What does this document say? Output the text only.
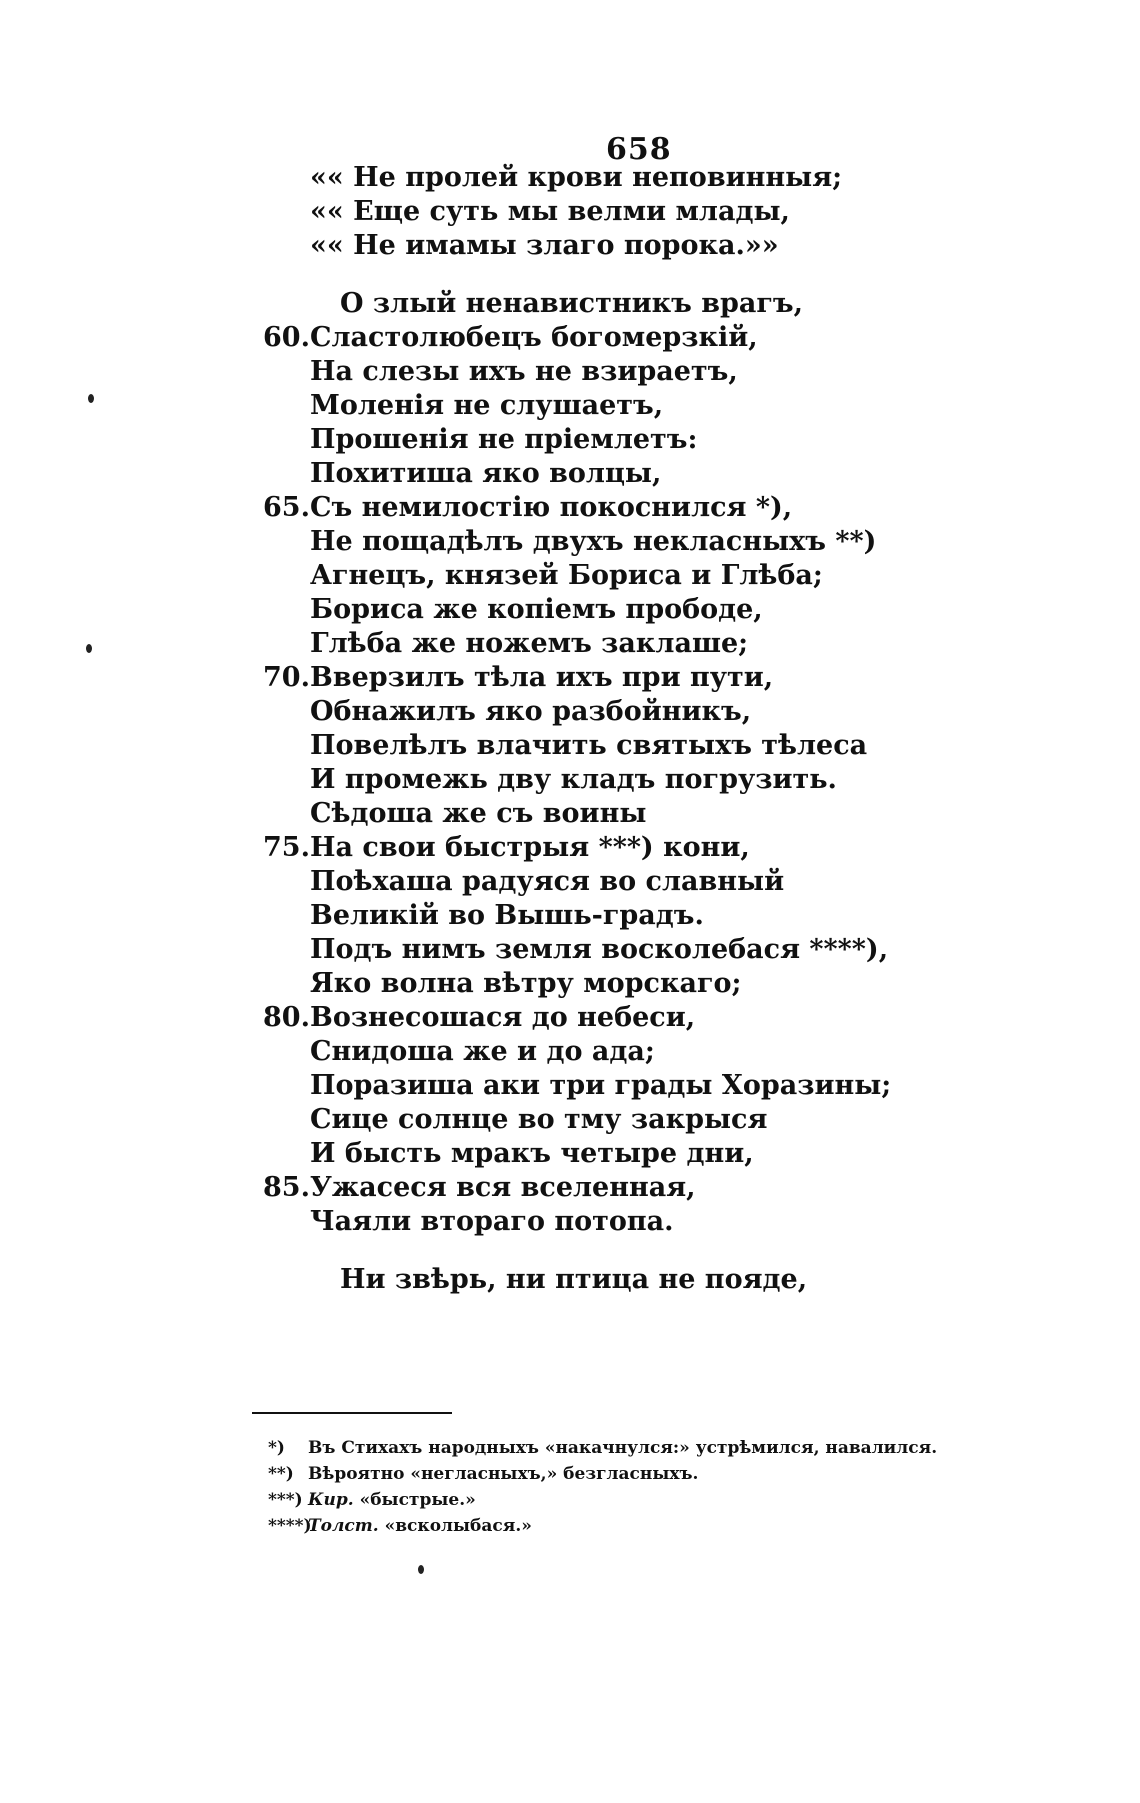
658
«« Не пролей крови неповинныя;
«« Еще суть мы велми млады,
«« Не имамы злаго порока.»»
О злый ненавистникъ врагъ,
60. Сластолюбецъ богомерзкій,
На слезы ихъ не взираетъ,
Моленія не слушаетъ,
Прошенія не пріемлетъ:
Похитиша яко волцы,
65. Съ немилостію покоснился *),
Не пощадѣлъ двухъ неклаcныхъ **)
Агнецъ, князей Бориса и Глѣба;
Бориса же копіемъ прободе,
Глѣба же ножемъ заклаше;
70. Вверзилъ тѣла ихъ при пути,
Обнажилъ яко разбойникъ,
Повелѣлъ влачить святыхъ тѣлеса
И промежь дву кладъ погрузить.
Сѣдоша же съ воины
75. На свои быстрыя ***) кони,
Поѣхаша радуяся во славный
Великій во Вышь-градъ.
Подъ нимъ земля восколебася ****),
Яко волна вѣтру морскаго;
80. Вознесошася до небеси,
Снидоша же и до ада;
Поразиша аки три грады Хоразины;
Сице солнце во тму закрыся
И бысть мракъ четыре дни,
85. Ужасеся вся вселенная,
Чаяли втораго потопа.
Ни звѣрь, ни птица не поядe,
*) Въ Стихахъ народныхъ «накачнулся:» устрѣмился, навалился.
**) Вѣроятно «негласныхъ,» безгласныхъ.
***) Кир. «быстрые.»
****)Толст. «всколыбася.»
